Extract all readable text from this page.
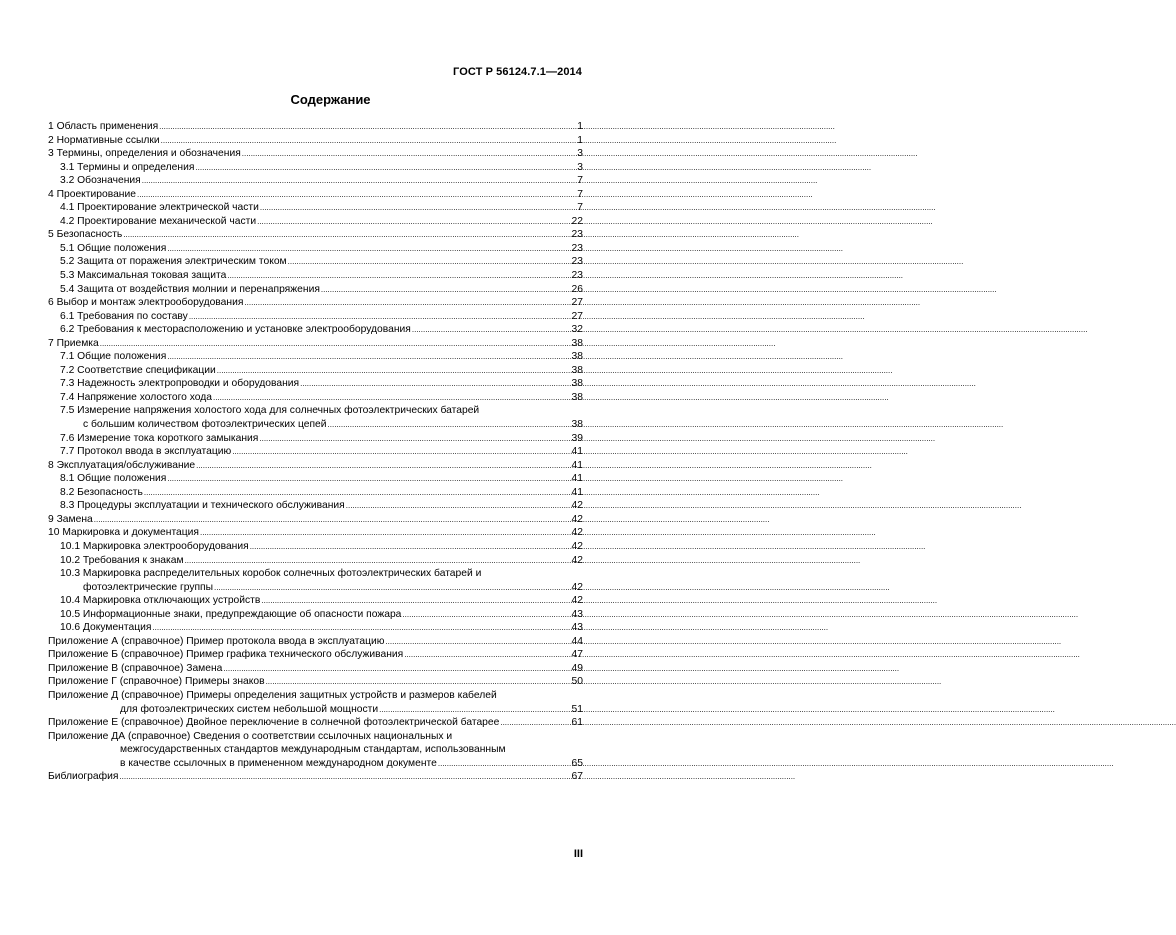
ГОСТ Р 56124.7.1—2014
Содержание
1 Область применения .....	1
2 Нормативные ссылки .....	1
3 Термины, определения и обозначения .....	3
3.1 Термины и определения .....	3
3.2 Обозначения .....	7
4 Проектирование .....	7
4.1 Проектирование электрической части .....	7
4.2 Проектирование механической части .....	22
5 Безопасность .....	23
5.1 Общие положения .....	23
5.2 Защита от поражения электрическим током .....	23
5.3 Максимальная токовая защита .....	23
5.4 Защита от воздействия молнии и перенапряжения .....	26
6 Выбор и монтаж электрооборудования .....	27
6.1 Требования по составу .....	27
6.2 Требования к месторасположению и установке электрооборудования .....	32
7 Приемка .....	38
7.1 Общие положения .....	38
7.2 Соответствие спецификации .....	38
7.3 Надежность электропроводки и оборудования .....	38
7.4 Напряжение холостого хода .....	38
7.5 Измерение напряжения холостого хода для солнечных фотоэлектрических батарей
с большим количеством фотоэлектрических цепей .....	38
7.6 Измерение тока короткого замыкания .....	39
7.7 Протокол ввода в эксплуатацию .....	41
8 Эксплуатация/обслуживание .....	41
8.1 Общие положения .....	41
8.2 Безопасность .....	41
8.3 Процедуры эксплуатации и технического обслуживания .....	42
9 Замена .....	42
10 Маркировка и документация .....	42
10.1 Маркировка электрооборудования .....	42
10.2 Требования к знакам .....	42
10.3 Маркировка распределительных коробок солнечных фотоэлектрических батарей и
фотоэлектрические группы .....	42
10.4 Маркировка отключающих устройств .....	42
10.5 Информационные знаки, предупреждающие об опасности пожара .....	43
10.6 Документация .....	43
Приложение А (справочное) Пример протокола ввода в эксплуатацию .....	44
Приложение Б (справочное) Пример графика технического обслуживания .....	47
Приложение В (справочное) Замена .....	49
Приложение Г (справочное) Примеры знаков .....	50
Приложение Д (справочное) Примеры определения защитных устройств и размеров кабелей
для фотоэлектрических систем небольшой мощности .....	51
Приложение Е (справочное) Двойное переключение в солнечной фотоэлектрической батарее .....	61
Приложение ДА (справочное) Сведения о соответствии ссылочных национальных и
межгосударственных стандартов международным стандартам, использованным
в качестве ссылочных в примененном международном документе .....	65
Библиография .....	67
III
